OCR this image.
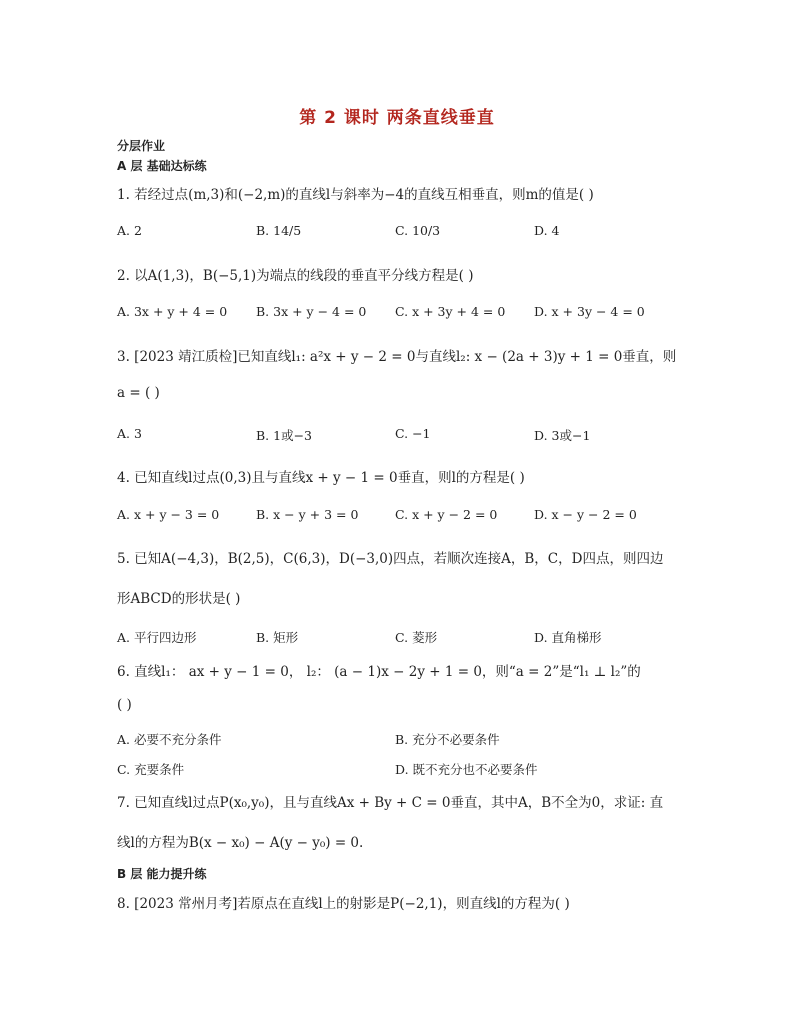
第 2 课时 两条直线垂直
分层作业
A 层 基础达标练
1. 若经过点(m,3)和(−2,m)的直线l与斜率为−4的直线互相垂直，则m的值是( )
A. 2	B. 14/5	C. 10/3	D. 4
2. 以A(1,3)，B(−5,1)为端点的线段的垂直平分线方程是( )
A. 3x + y + 4 = 0 B. 3x + y − 4 = 0 C. x + 3y + 4 = 0 D. x + 3y − 4 = 0
3. [2023 靖江质检]已知直线l₁: a²x + y − 2 = 0与直线l₂: x − (2a + 3)y + 1 = 0垂直，则
a = ( )
A. 3	B. 1或−3	C. −1	D. 3或−1
4. 已知直线l过点(0,3)且与直线x + y − 1 = 0垂直，则l的方程是( )
A. x + y − 3 = 0	B. x − y + 3 = 0	C. x + y − 2 = 0	D. x − y − 2 = 0
5. 已知A(−4,3)，B(2,5)，C(6,3)，D(−3,0)四点，若顺次连接A，B，C，D四点，则四边
形ABCD的形状是( )
A. 平行四边形	B. 矩形	C. 菱形	D. 直角梯形
6. 直线l₁： ax + y − 1 = 0， l₂： (a − 1)x − 2y + 1 = 0，则“a = 2”是“l₁ ⊥ l₂”的
( )
A. 必要不充分条件	B. 充分不必要条件
C. 充要条件	D. 既不充分也不必要条件
7. 已知直线l过点P(x₀,y₀)，且与直线Ax + By + C = 0垂直，其中A，B不全为0，求证: 直
线l的方程为B(x − x₀) − A(y − y₀) = 0.
B 层 能力提升练
8. [2023 常州月考]若原点在直线l上的射影是P(−2,1)，则直线l的方程为( )
